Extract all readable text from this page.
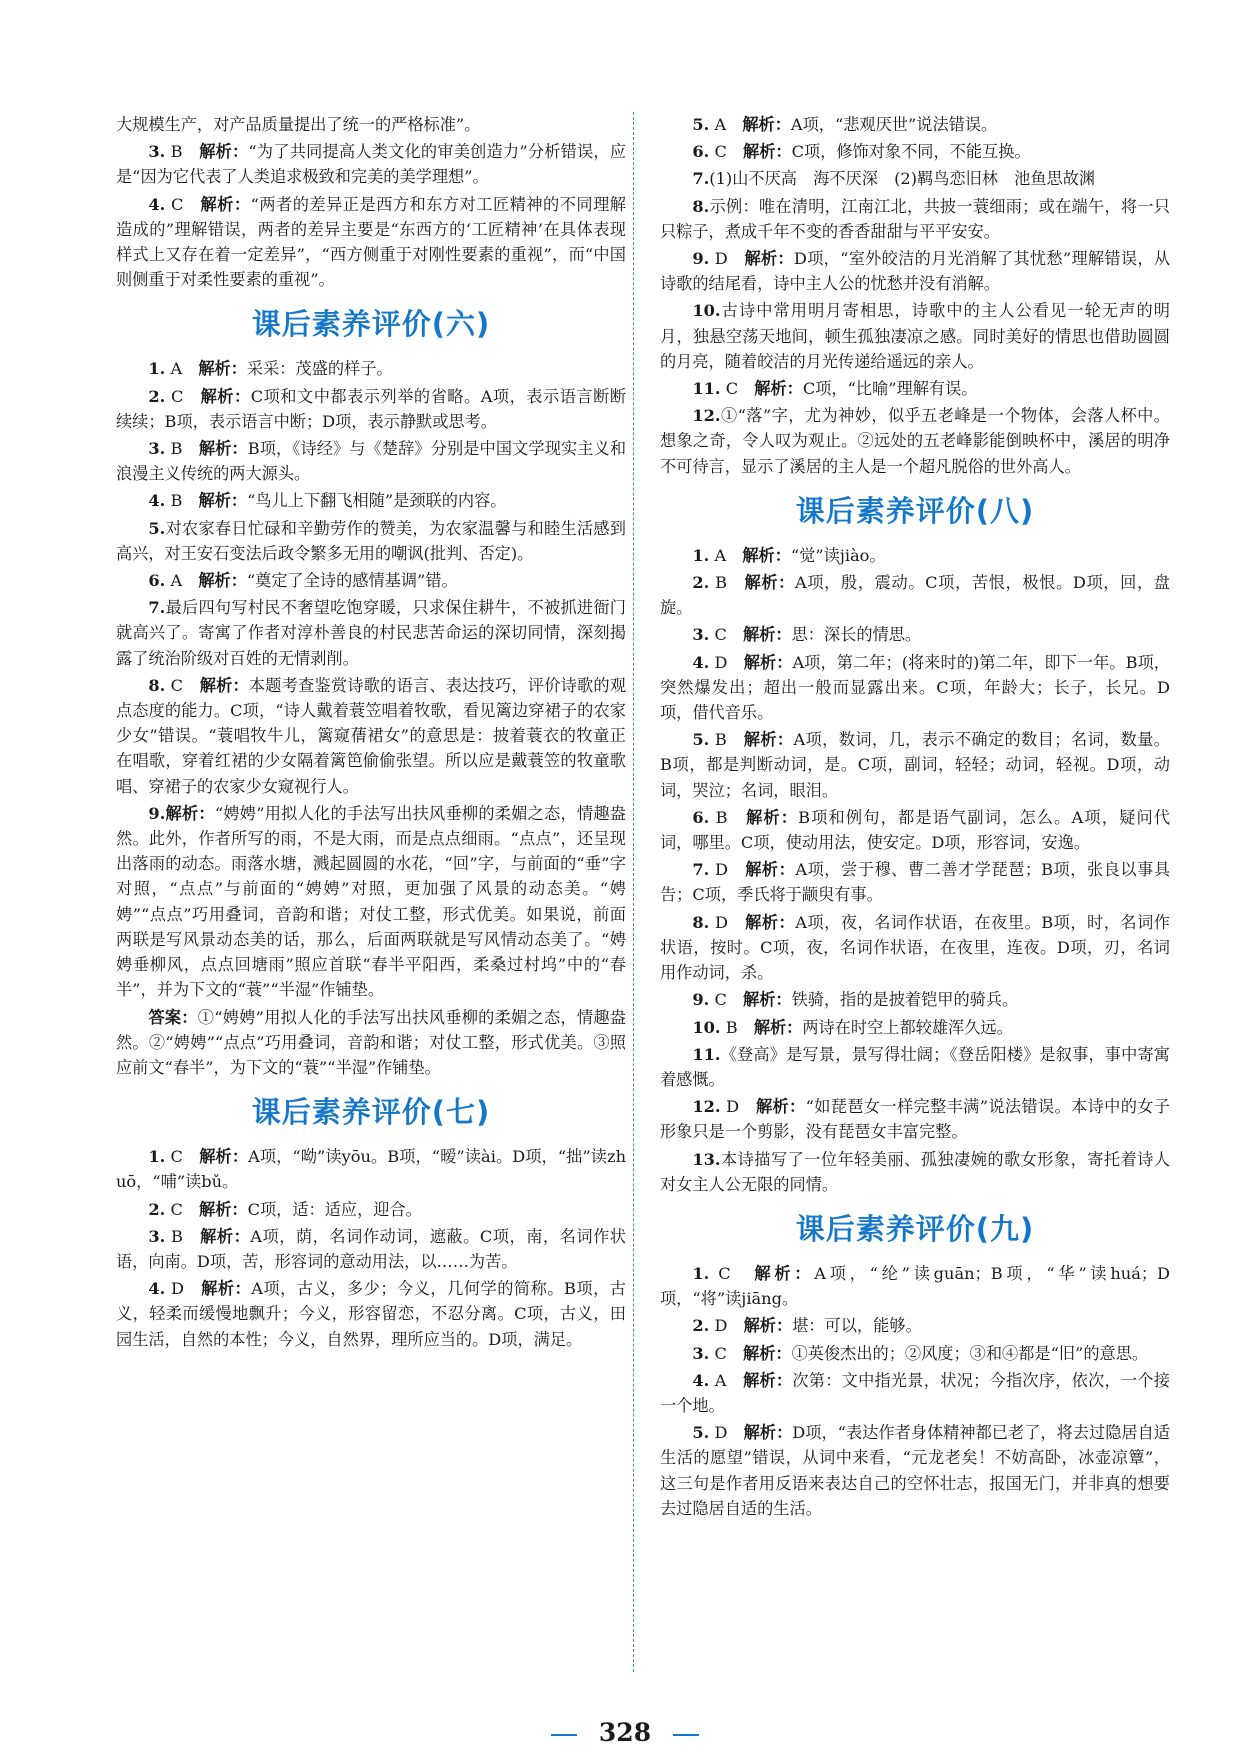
大规模生产，对产品质量提出了统一的严格标准”。

3. B　 解析：“为了共同提高人类文化的审美创造力”分析错误，应是“因为它代表了人类追求极致和完美的美学理想”。

4. C　 解析：“两者的差异正是西方和东方对工匠精神的不同理解造成的”理解错误，两者的差异主要是“东西方的‘工匠精神’在具体表现样式上又存在着一定差异”，“西方侧重于对刚性要素的重视”，而“中国则侧重于对柔性要素的重视”。

课后素养评价(六)

1. A　 解析：采采：茂盛的样子。

2. C　 解析：C项和文中都表示列举的省略。A项，表示语言断断续续；B项，表示语言中断；D项，表示静默或思考。

3. B　 解析：B项，《诗经》与《楚辞》分别是中国文学现实主义和浪漫主义传统的两大源头。

4. B　 解析：“鸟儿上下翻飞相随”是颈联的内容。

5.对农家春日忙碌和辛勤劳作的赞美，为农家温馨与和睦生活感到高兴，对王安石变法后政令繁多无用的嘲讽(批判、否定)。

6. A　 解析：“奠定了全诗的感情基调”错。

7.最后四句写村民不奢望吃饱穿暖，只求保住耕牛，不被抓进衙门就高兴了。寄寓了作者对淳朴善良的村民悲苦命运的深切同情，深刻揭露了统治阶级对百姓的无情剥削。

8. C　 解析：本题考查鉴赏诗歌的语言、表达技巧，评价诗歌的观点态度的能力。C项，“诗人戴着蓑笠唱着牧歌，看见篱边穿裙子的农家少女”错误。“蓑唱牧牛儿，篱窥蒨裙女”的意思是：披着蓑衣的牧童正在唱歌，穿着红裙的少女隔着篱笆偷偷张望。所以应是戴蓑笠的牧童歌唱、穿裙子的农家少女窥视行人。

9.解析：“娉娉”用拟人化的手法写出扶风垂柳的柔媚之态，情趣盎然。此外，作者所写的雨，不是大雨，而是点点细雨。“点点”，还呈现出落雨的动态。雨落水塘，溅起圆圆的水花，“回”字，与前面的“垂”字对照，“点点”与前面的“娉娉”对照，更加强了风景的动态美。“娉娉”“点点”巧用叠词，音韵和谐；对仗工整，形式优美。如果说，前面两联是写风景动态美的话，那么，后面两联就是写风情动态美了。“娉娉垂柳风，点点回塘雨”照应首联“春半平阳西，柔桑过村坞”中的“春半”，并为下文的“蓑”“半湿”作铺垫。

答案：①“娉娉”用拟人化的手法写出扶风垂柳的柔媚之态，情趣盎然。②“娉娉”“点点”巧用叠词，音韵和谐；对仗工整，形式优美。③照应前文“春半”，为下文的“蓑”“半湿”作铺垫。

课后素养评价(七)

1. C　 解析：A项，“呦”读yōu。B项，“暧”读ài。D项，“拙”读zhuō，“哺”读bǔ。

2. C　 解析：C项，适：适应，迎合。

3. B　 解析：A项，荫，名词作动词，遮蔽。C项，南，名词作状语，向南。D项，苦，形容词的意动用法，以……为苦。

4. D　 解析：A项，古义，多少；今义，几何学的简称。B项，古义，轻柔而缓慢地飘升；今义，形容留恋，不忍分离。C项，古义，田园生活，自然的本性；今义，自然界，理所应当的。D项，满足。

5. A　 解析：A项，“悲观厌世”说法错误。

6. C　 解析：C项，修饰对象不同，不能互换。

7.(1)山不厌高　海不厌深　(2)羁鸟恋旧林　池鱼思故渊

8.示例：唯在清明，江南江北，共披一蓑细雨；或在端午，将一只只粽子，煮成千年不变的香香甜甜与平平安安。

9. D　 解析：D项，“室外皎洁的月光消解了其忧愁”理解错误，从诗歌的结尾看，诗中主人公的忧愁并没有消解。

10.古诗中常用明月寄相思，诗歌中的主人公看见一轮无声的明月，独悬空荡天地间，顿生孤独凄凉之感。同时美好的情思也借助圆圆的月亮，随着皎洁的月光传递给遥远的亲人。

11. C　 解析：C项，“比喻”理解有误。

12.①“落”字，尤为神妙，似乎五老峰是一个物体，会落人杯中。想象之奇，令人叹为观止。②远处的五老峰影能倒映杯中，溪居的明净不可待言，显示了溪居的主人是一个超凡脱俗的世外高人。

课后素养评价(八)

1. A　 解析：“觉”读jiào。

2. B　 解析：A项，殷，震动。C项，苦恨，极恨。D项，回，盘旋。

3. C　 解析：思：深长的情思。

4. D　 解析：A项，第二年；(将来时的)第二年，即下一年。B项，突然爆发出；超出一般而显露出来。C项，年龄大；长子，长兄。D项，借代音乐。

5. B　 解析：A项，数词，几，表示不确定的数目；名词，数量。B项，都是判断动词，是。C项，副词，轻轻；动词，轻视。D项，动词，哭泣；名词，眼泪。

6. B　 解析：B项和例句，都是语气副词，怎么。A项，疑问代词，哪里。C项，使动用法，使安定。D项，形容词，安逸。

7. D　 解析：A项，尝于穆、曹二善才学琵琶；B项，张良以事具告；C项，季氏将于颛臾有事。

8. D　 解析：A项，夜，名词作状语，在夜里。B项，时，名词作状语，按时。C项，夜，名词作状语，在夜里，连夜。D项，刃，名词用作动词，杀。

9. C　 解析：铁骑，指的是披着铠甲的骑兵。

10. B　 解析：两诗在时空上都较雄浑久远。

11.《登高》是写景，景写得壮阔；《登岳阳楼》是叙事，事中寄寓着感慨。

12. D　 解析：“如琵琶女一样完整丰满”说法错误。本诗中的女子形象只是一个剪影，没有琵琶女丰富完整。

13.本诗描写了一位年轻美丽、孤独凄婉的歌女形象，寄托着诗人对女主人公无限的同情。

课后素养评价(九)

1. C　 解析：A项，“纶”读guān；B项，“华”读huá；D项，“将”读jiāng。

2. D　 解析：堪：可以，能够。

3. C　 解析：①英俊杰出的；②风度；③和④都是“旧”的意思。

4. A　 解析：次第：文中指光景，状况；今指次序，依次，一个接一个地。

5. D　 解析：D项，“表达作者身体精神都已老了，将去过隐居自适生活的愿望”错误，从词中来看，“元龙老矣！不妨高卧，冰壶凉簟”，这三句是作者用反语来表达自己的空怀壮志，报国无门，并非真的想要去过隐居自适的生活。

328
